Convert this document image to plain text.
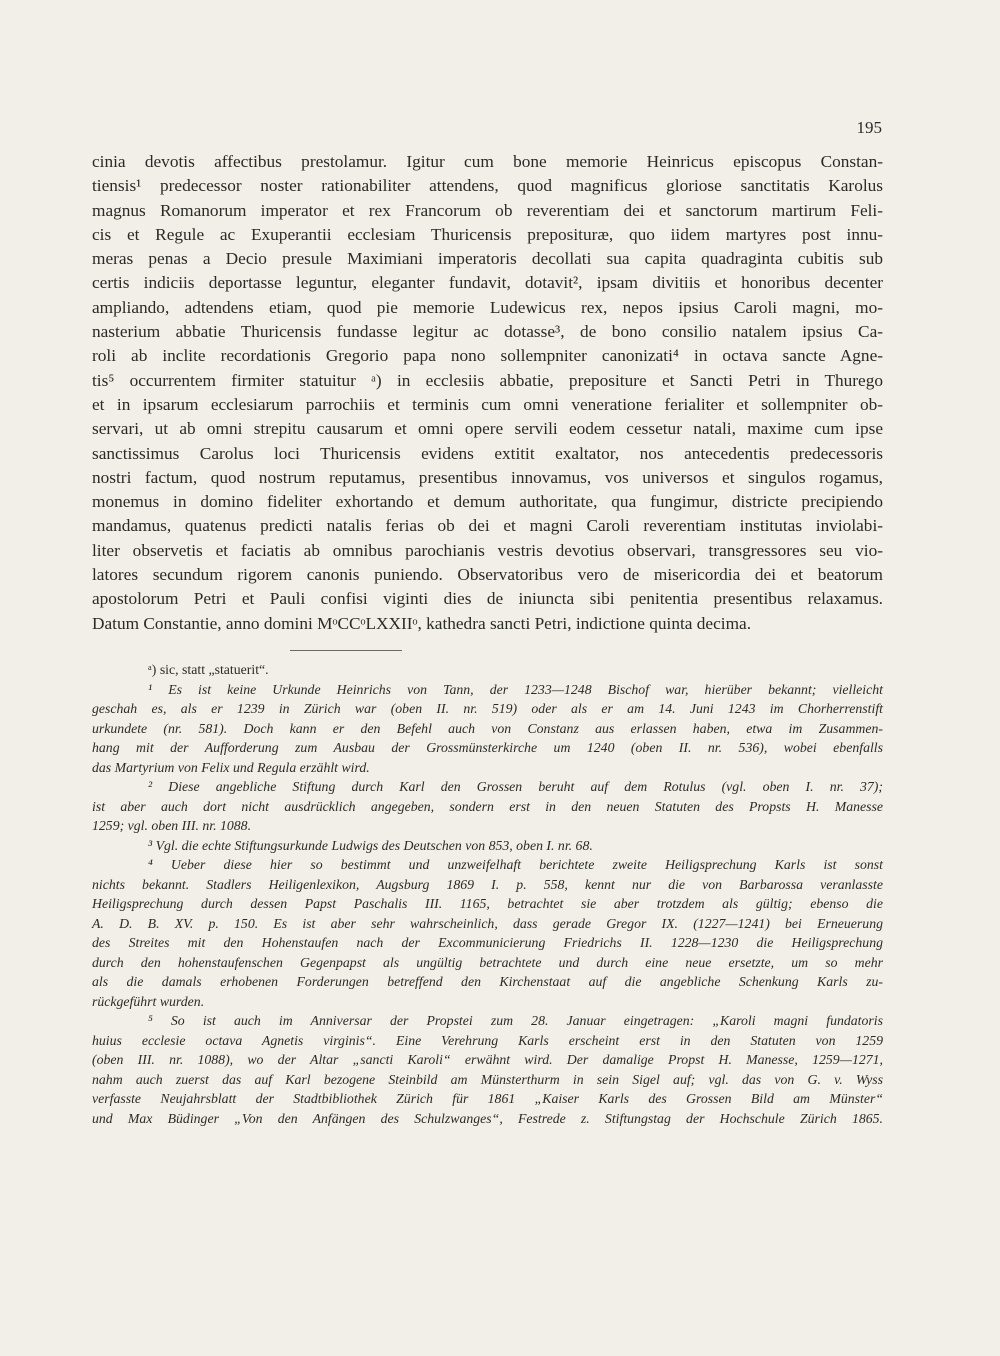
195
cinia devotis affectibus prestolamur. Igitur cum bone memorie Heinricus episcopus Constan-
tiensis¹ predecessor noster rationabiliter attendens, quod magnificus gloriose sanctitatis Karolus
magnus Romanorum imperator et rex Francorum ob reverentiam dei et sanctorum martirum Feli-
cis et Regule ac Exuperantii ecclesiam Thuricensis preposituræ, quo iidem martyres post innu-
meras penas a Decio presule Maximiani imperatoris decollati sua capita quadraginta cubitis sub
certis indiciis deportasse leguntur, eleganter fundavit, dotavit², ipsam divitiis et honoribus decenter
ampliando, adtendens etiam, quod pie memorie Ludewicus rex, nepos ipsius Caroli magni, mo-
nasterium abbatie Thuricensis fundasse legitur ac dotasse³, de bono consilio natalem ipsius Ca-
roli ab inclite recordationis Gregorio papa nono sollempniter canonizati⁴ in octava sancte Agne-
tis⁵ occurrentem firmiter statuitur ᵃ) in ecclesiis abbatie, prepositure et Sancti Petri in Thurego
et in ipsarum ecclesiarum parrochiis et terminis cum omni veneratione ferialiter et sollempniter ob-
servari, ut ab omni strepitu causarum et omni opere servili eodem cessetur natali, maxime cum ipse
sanctissimus Carolus loci Thuricensis evidens extitit exaltator, nos antecedentis predecessoris
nostri factum, quod nostrum reputamus, presentibus innovamus, vos universos et singulos rogamus,
monemus in domino fideliter exhortando et demum authoritate, qua fungimur, districte precipiendo
mandamus, quatenus predicti natalis ferias ob dei et magni Caroli reverentiam institutas inviolabi-
liter observetis et faciatis ab omnibus parochianis vestris devotius observari, transgressores seu vio-
latores secundum rigorem canonis puniendo. Observatoribus vero de misericordia dei et beatorum
apostolorum Petri et Pauli confisi viginti dies de iniuncta sibi penitentia presentibus relaxamus.
Datum Constantie, anno domini MᵒCCᵒLXXIIᵒ, kathedra sancti Petri, indictione quinta decima.
ᵃ) sic, statt „statuerit“.
¹ Es ist keine Urkunde Heinrichs von Tann, der 1233—1248 Bischof war, hierüber bekannt; vielleicht
geschah es, als er 1239 in Zürich war (oben II. nr. 519) oder als er am 14. Juni 1243 im Chorherrenstift
urkundete (nr. 581). Doch kann er den Befehl auch von Constanz aus erlassen haben, etwa im Zusammen-
hang mit der Aufforderung zum Ausbau der Grossmünsterkirche um 1240 (oben II. nr. 536), wobei ebenfalls
das Martyrium von Felix und Regula erzählt wird.
² Diese angebliche Stiftung durch Karl den Grossen beruht auf dem Rotulus (vgl. oben I. nr. 37);
ist aber auch dort nicht ausdrücklich angegeben, sondern erst in den neuen Statuten des Propsts H. Manesse
1259; vgl. oben III. nr. 1088.
³ Vgl. die echte Stiftungsurkunde Ludwigs des Deutschen von 853, oben I. nr. 68.
⁴ Ueber diese hier so bestimmt und unzweifelhaft berichtete zweite Heiligsprechung Karls ist sonst
nichts bekannt. Stadlers Heiligenlexikon, Augsburg 1869 I. p. 558, kennt nur die von Barbarossa veranlasste
Heiligsprechung durch dessen Papst Paschalis III. 1165, betrachtet sie aber trotzdem als gültig; ebenso die
A. D. B. XV. p. 150. Es ist aber sehr wahrscheinlich, dass gerade Gregor IX. (1227—1241) bei Erneuerung
des Streites mit den Hohenstaufen nach der Excommunicierung Friedrichs II. 1228—1230 die Heiligsprechung
durch den hohenstaufenschen Gegenpapst als ungültig betrachtete und durch eine neue ersetzte, um so mehr
als die damals erhobenen Forderungen betreffend den Kirchenstaat auf die angebliche Schenkung Karls zu-
rückgeführt wurden.
⁵ So ist auch im Anniversar der Propstei zum 28. Januar eingetragen: „Karoli magni fundatoris
huius ecclesie octava Agnetis virginis“. Eine Verehrung Karls erscheint erst in den Statuten von 1259
(oben III. nr. 1088), wo der Altar „sancti Karoli“ erwähnt wird. Der damalige Propst H. Manesse, 1259—1271,
nahm auch zuerst das auf Karl bezogene Steinbild am Münsterthurm in sein Sigel auf; vgl. das von G. v. Wyss
verfasste Neujahrsblatt der Stadtbibliothek Zürich für 1861 „Kaiser Karls des Grossen Bild am Münster“
und Max Büdinger „Von den Anfängen des Schulzwanges“, Festrede z. Stiftungstag der Hochschule Zürich 1865.
